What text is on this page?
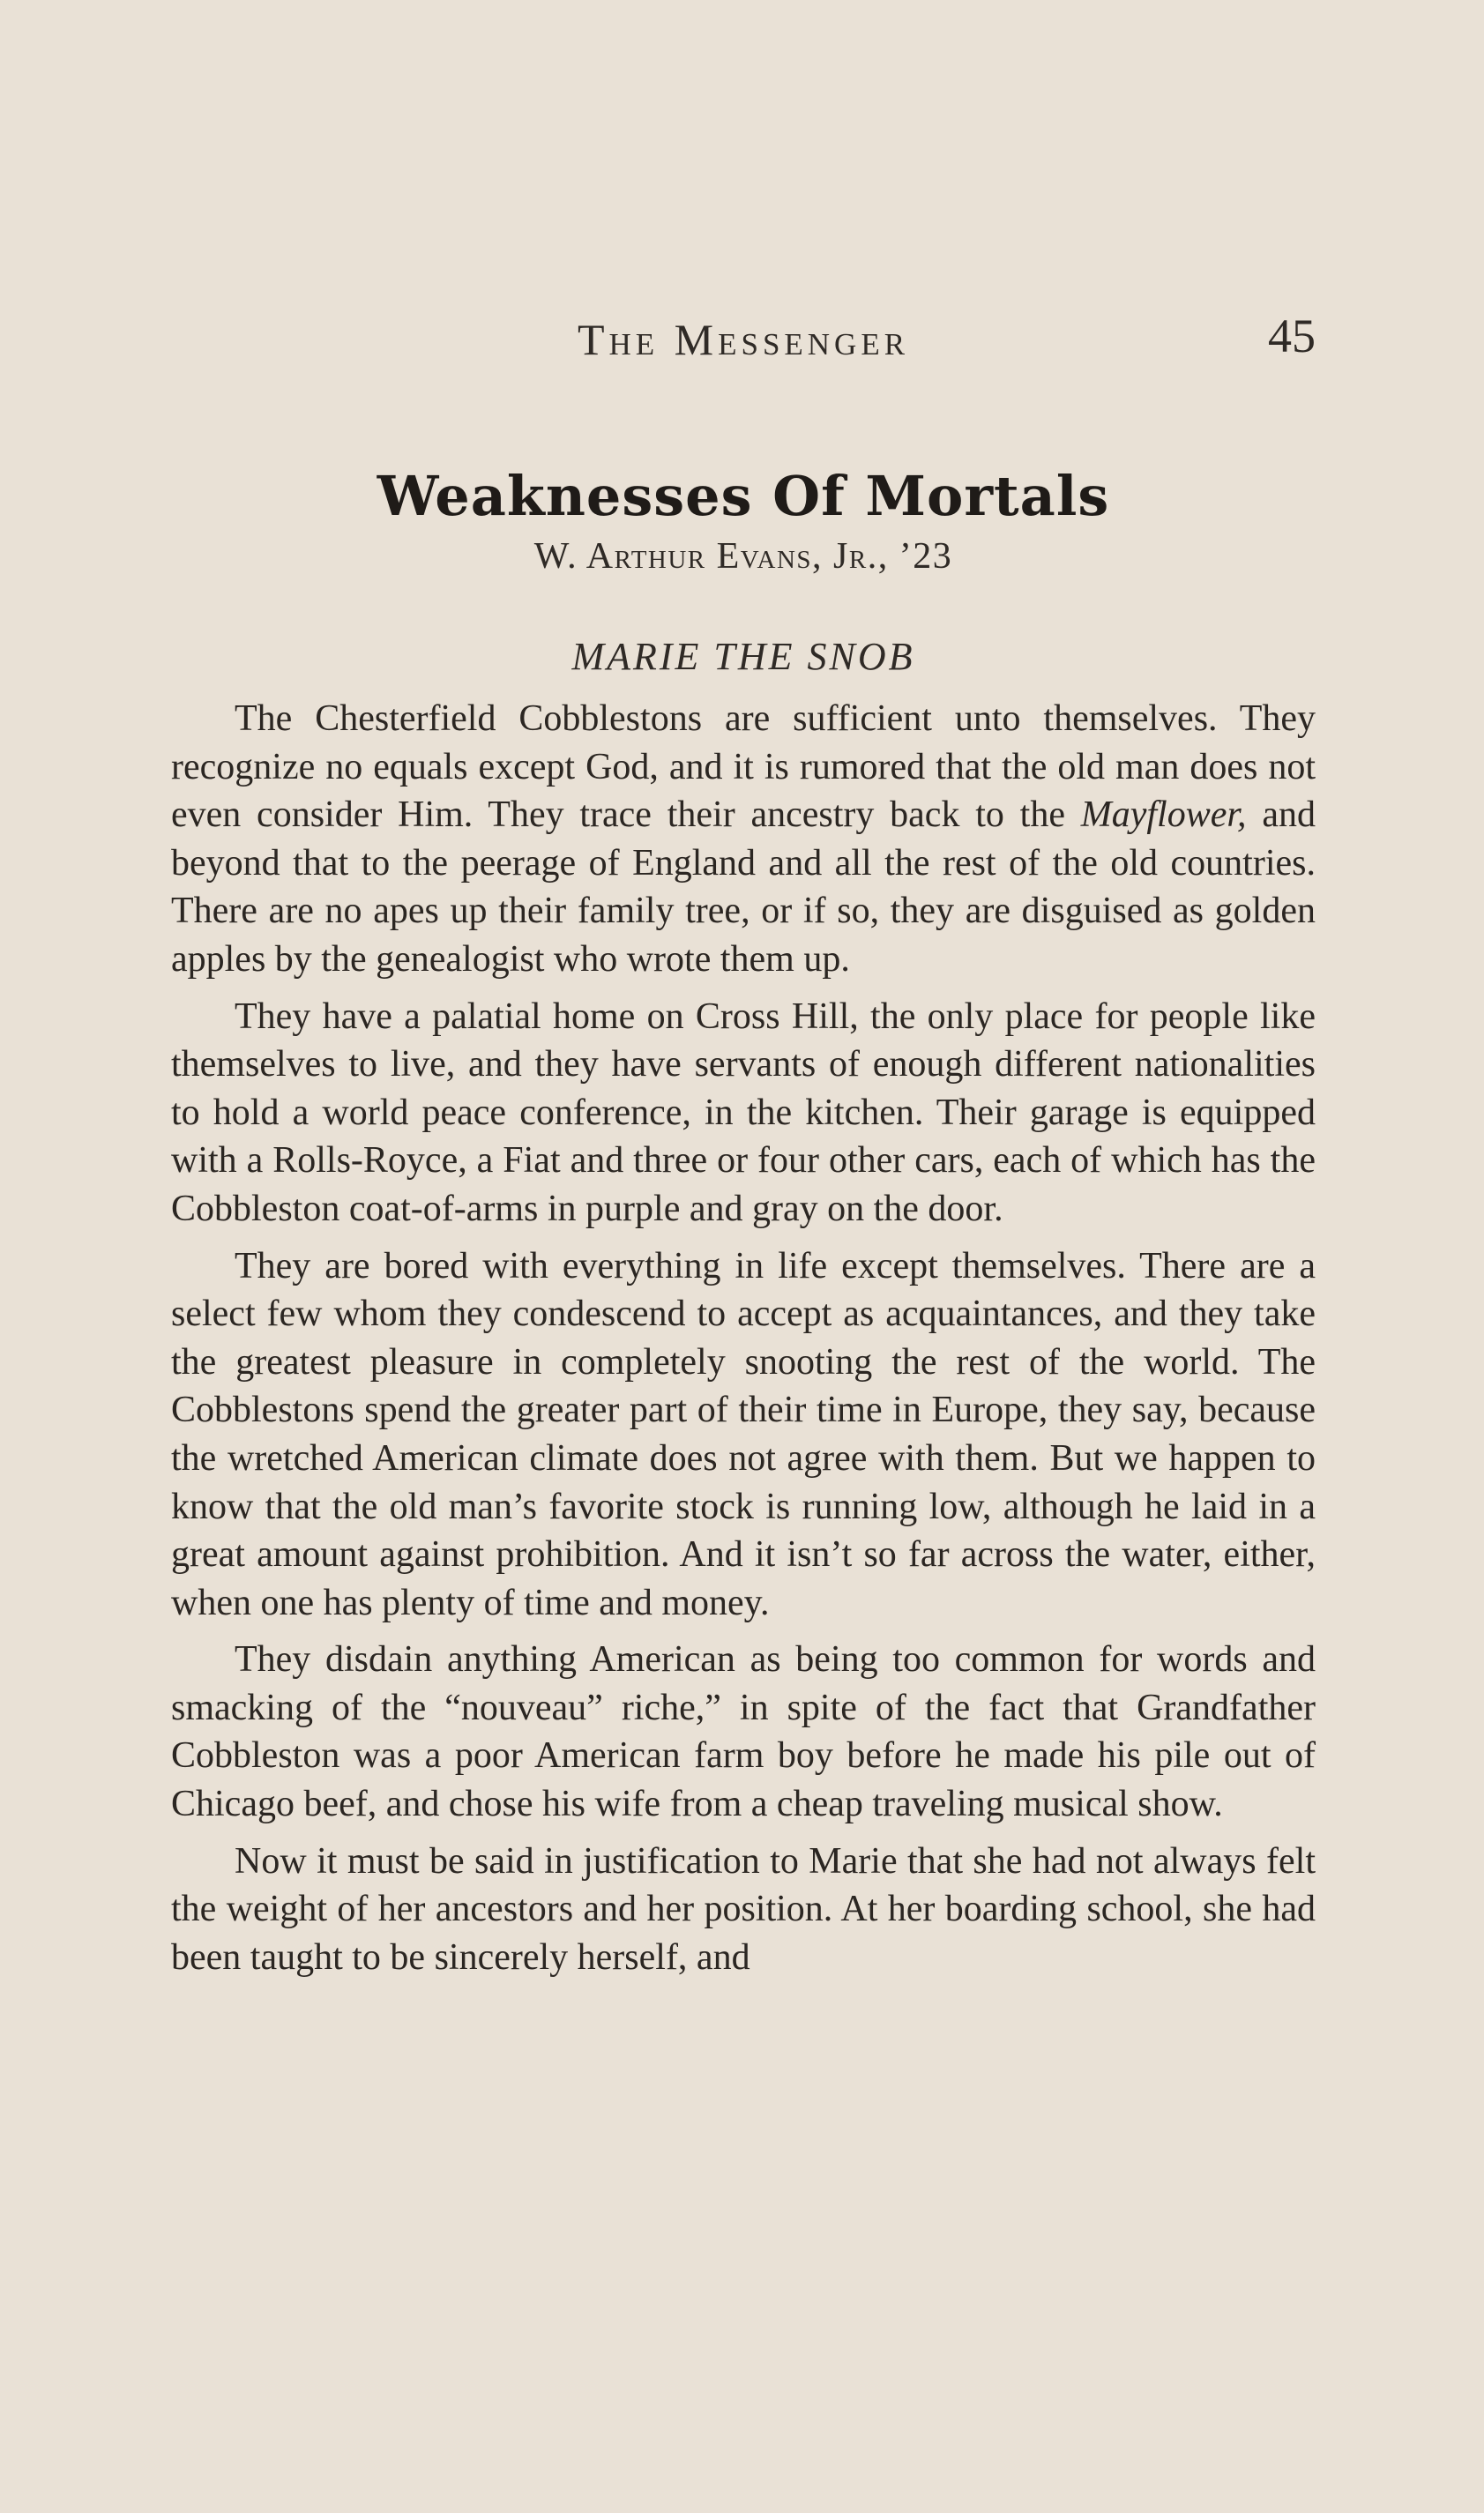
The Messenger	45
Weaknesses Of Mortals
W. Arthur Evans, Jr., ’23
MARIE THE SNOB

The Chesterfield Cobblestons are sufficient unto themselves. They recognize no equals except God, and it is rumored that the old man does not even consider Him. They trace their ancestry back to the Mayflower, and beyond that to the peerage of England and all the rest of the old countries. There are no apes up their family tree, or if so, they are disguised as golden apples by the genealogist who wrote them up.

They have a palatial home on Cross Hill, the only place for people like themselves to live, and they have servants of enough different nationalities to hold a world peace conference, in the kitchen. Their garage is equipped with a Rolls-Royce, a Fiat and three or four other cars, each of which has the Cobbleston coat-of-arms in purple and gray on the door.

They are bored with everything in life except themselves. There are a select few whom they condescend to accept as acquaintances, and they take the greatest pleasure in completely snooting the rest of the world. The Cobblestons spend the greater part of their time in Europe, they say, because the wretched American climate does not agree with them. But we happen to know that the old man’s favorite stock is running low, although he laid in a great amount against prohibition. And it isn’t so far across the water, either, when one has plenty of time and money.

They disdain anything American as being too common for words and smacking of the “nouveau” riche,” in spite of the fact that Grandfather Cobbleston was a poor American farm boy before he made his pile out of Chicago beef, and chose his wife from a cheap traveling musical show.

Now it must be said in justification to Marie that she had not always felt the weight of her ancestors and her position. At her boarding school, she had been taught to be sincerely herself, and
